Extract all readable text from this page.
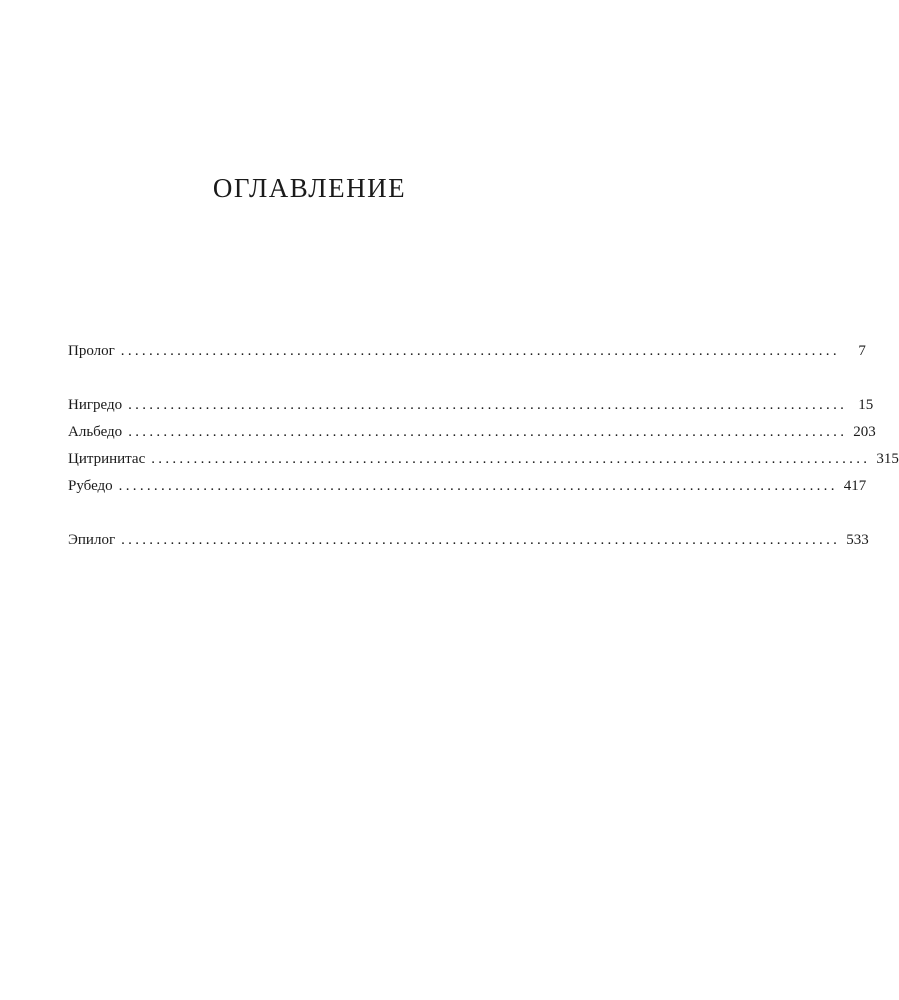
ОГЛАВЛЕНИЕ
Пролог ......................................................................................................	7
Нигредо ...................................................................................................... 15
Альбедо ...................................................................................................... 203
Цитринитас ...................................................................................................... 315
Рубедо ...................................................................................................... 417
Эпилог ...................................................................................................... 533
